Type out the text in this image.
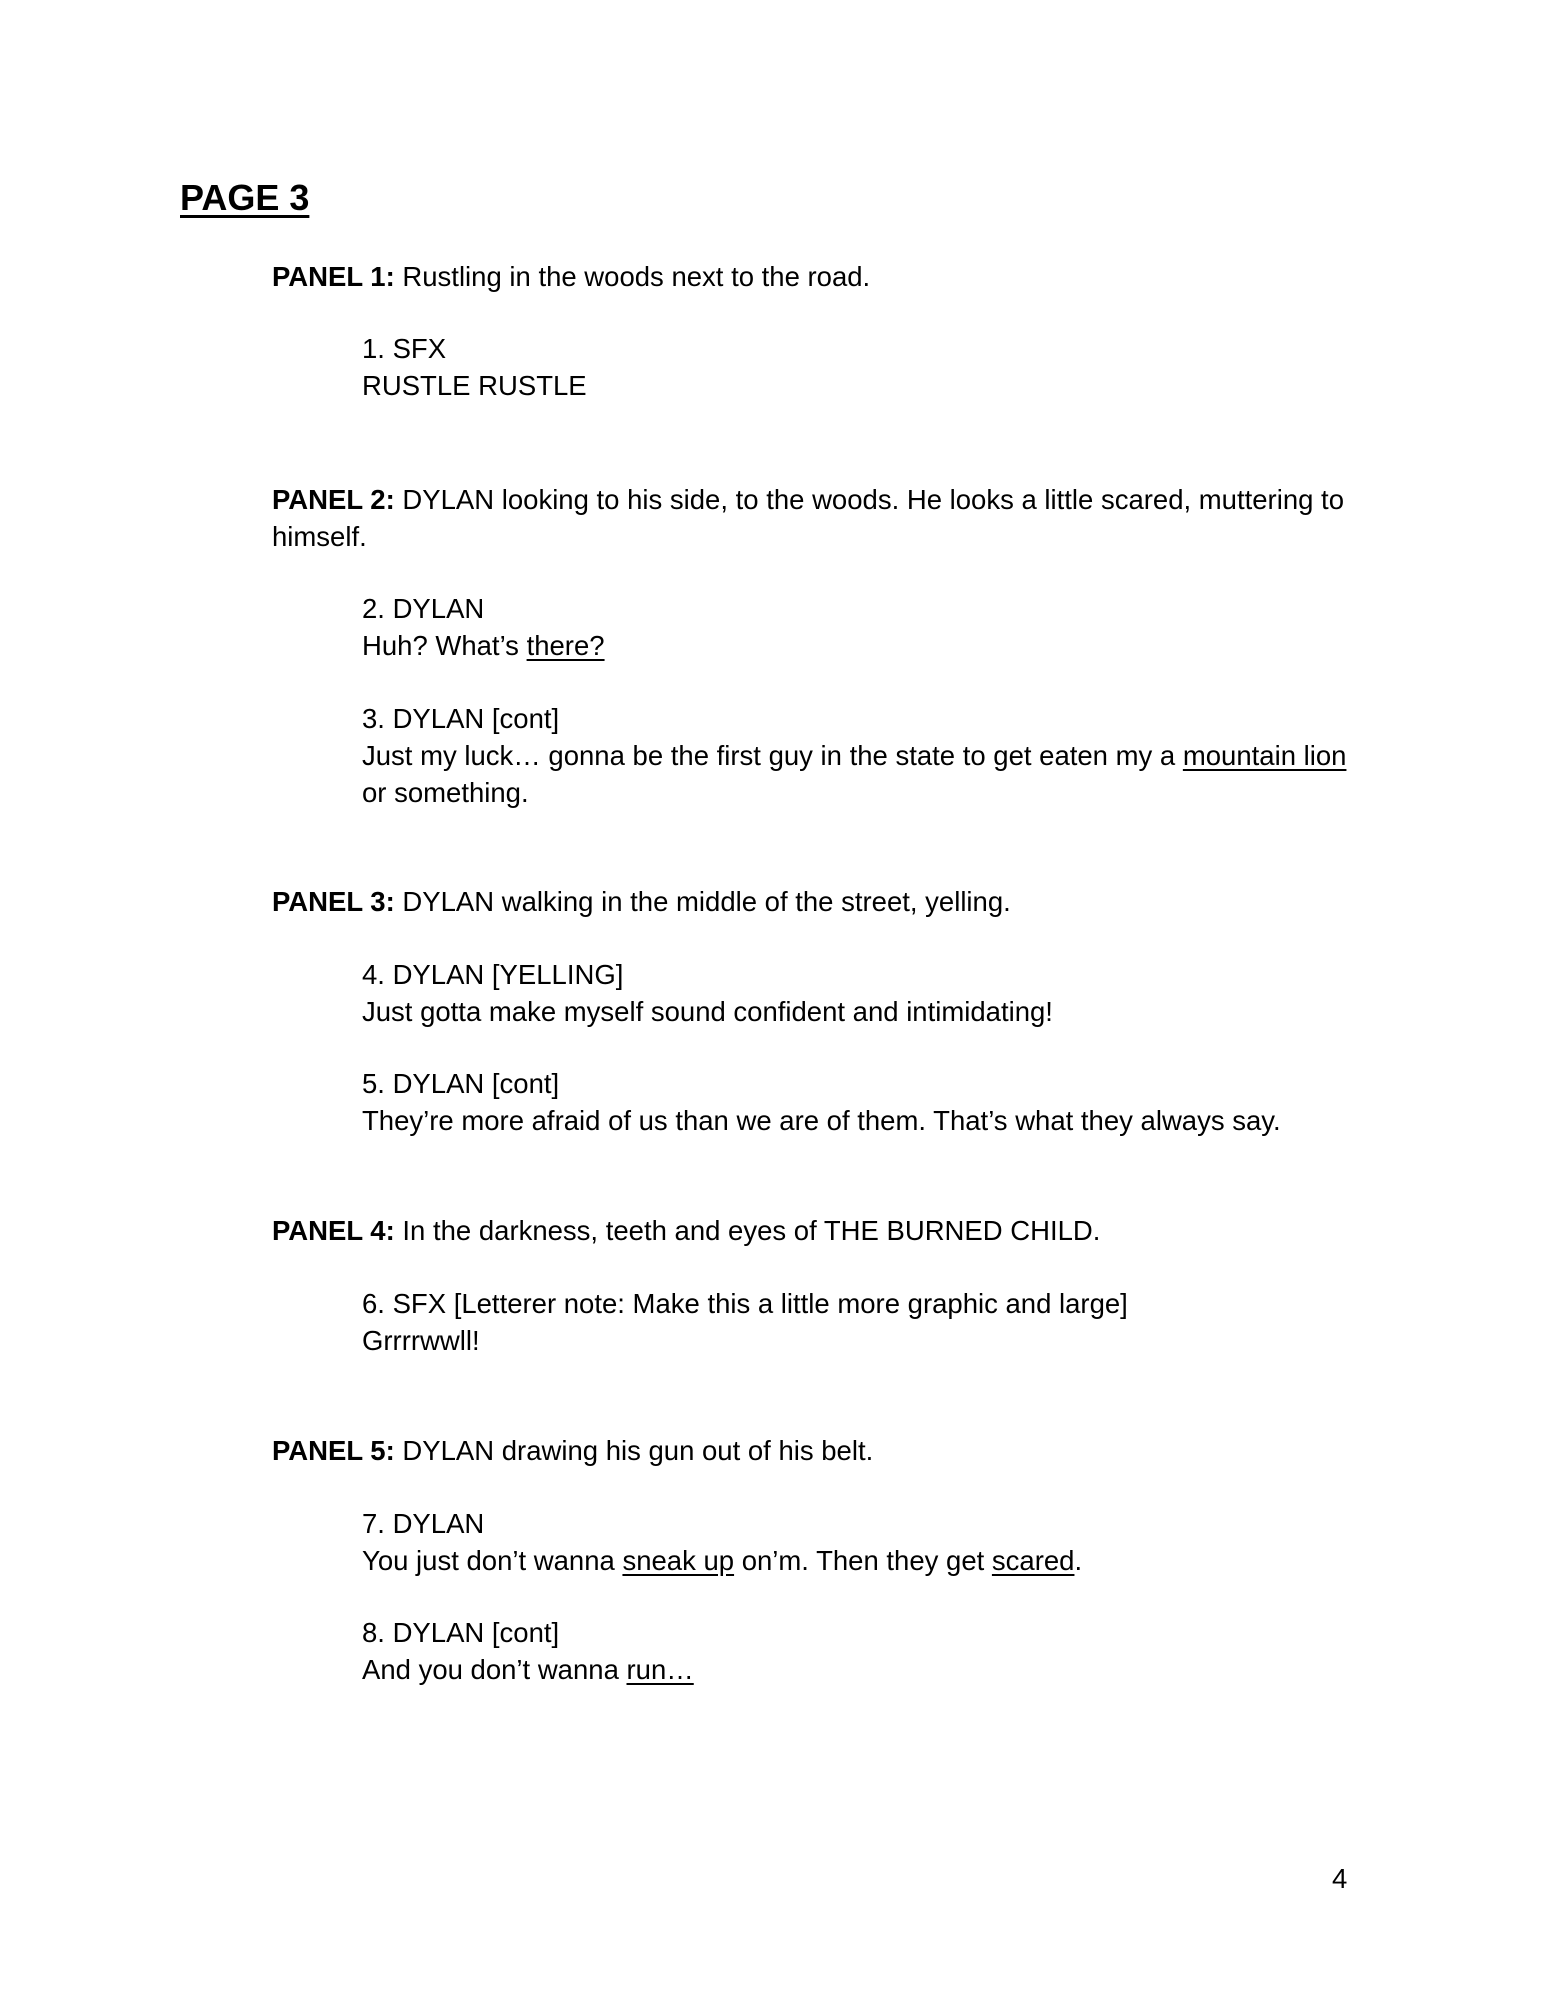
PAGE 3

PANEL 1: Rustling in the woods next to the road.

1. SFX
RUSTLE RUSTLE

PANEL 2: DYLAN looking to his side, to the woods. He looks a little scared, muttering to himself.

2. DYLAN
Huh? What’s there?
3. DYLAN [cont]
Just my luck… gonna be the first guy in the state to get eaten my a mountain lion or something.

PANEL 3: DYLAN walking in the middle of the street, yelling.

4. DYLAN [YELLING]
Just gotta make myself sound confident and intimidating!
5. DYLAN [cont]
They’re more afraid of us than we are of them. That’s what they always say.

PANEL 4: In the darkness, teeth and eyes of THE BURNED CHILD.

6. SFX [Letterer note: Make this a little more graphic and large]
Grrrrwwll!

PANEL 5: DYLAN drawing his gun out of his belt.

7. DYLAN
You just don’t wanna sneak up on’m. Then they get scared.
8. DYLAN [cont]
And you don’t wanna run…
4
